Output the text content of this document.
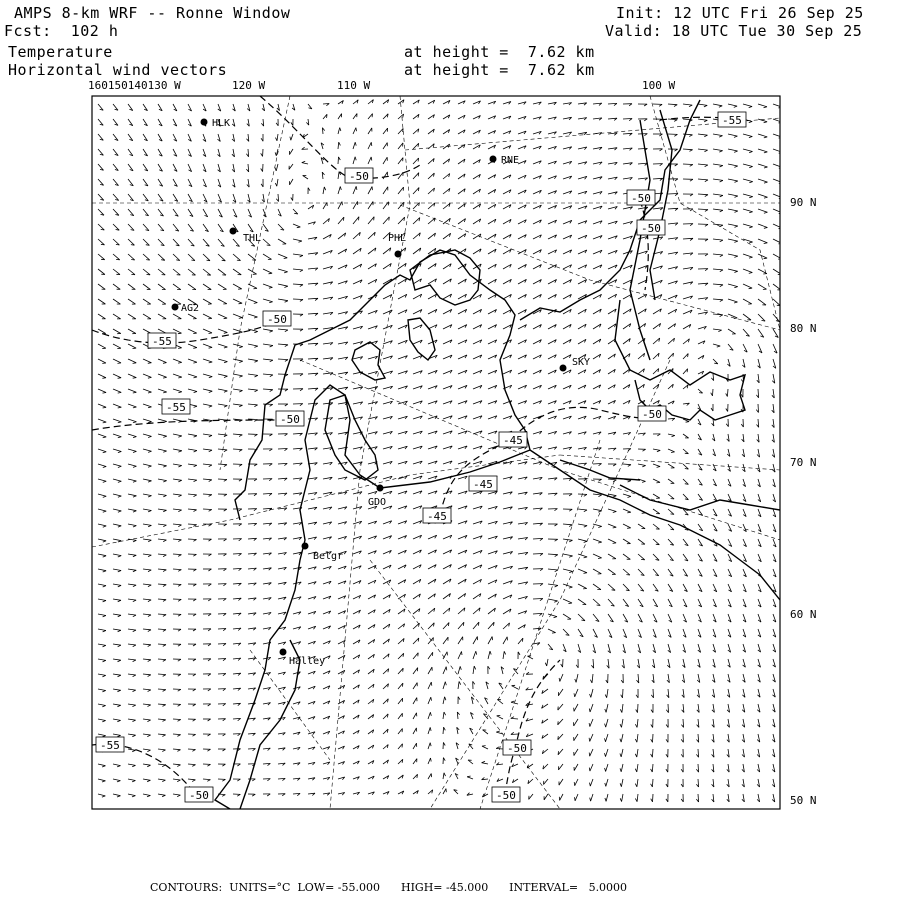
AMPS 8-km WRF -- Ronne Window
Fcst:  102 h
Temperature
Horizontal wind vectors
Init: 12 UTC Fri 26 Sep 25
Valid: 18 UTC Tue 30 Sep 25
at height =  7.62 km
at height =  7.62 km
160150140130 W	120 W	110 W	100 W
90 N
80 N
70 N
60 N
50 N
HLK
RNE
THL	PHL
AG2
SKY
GDO
Belgr
Halley
-50
-55
-50
-50
-50
-55
-55
-50	-50
-45
-45
-45
-55	-50
-50	-50
CONTOURS:  UNITS=°C  LOW= -55.000      HIGH= -45.000      INTERVAL=   5.0000
